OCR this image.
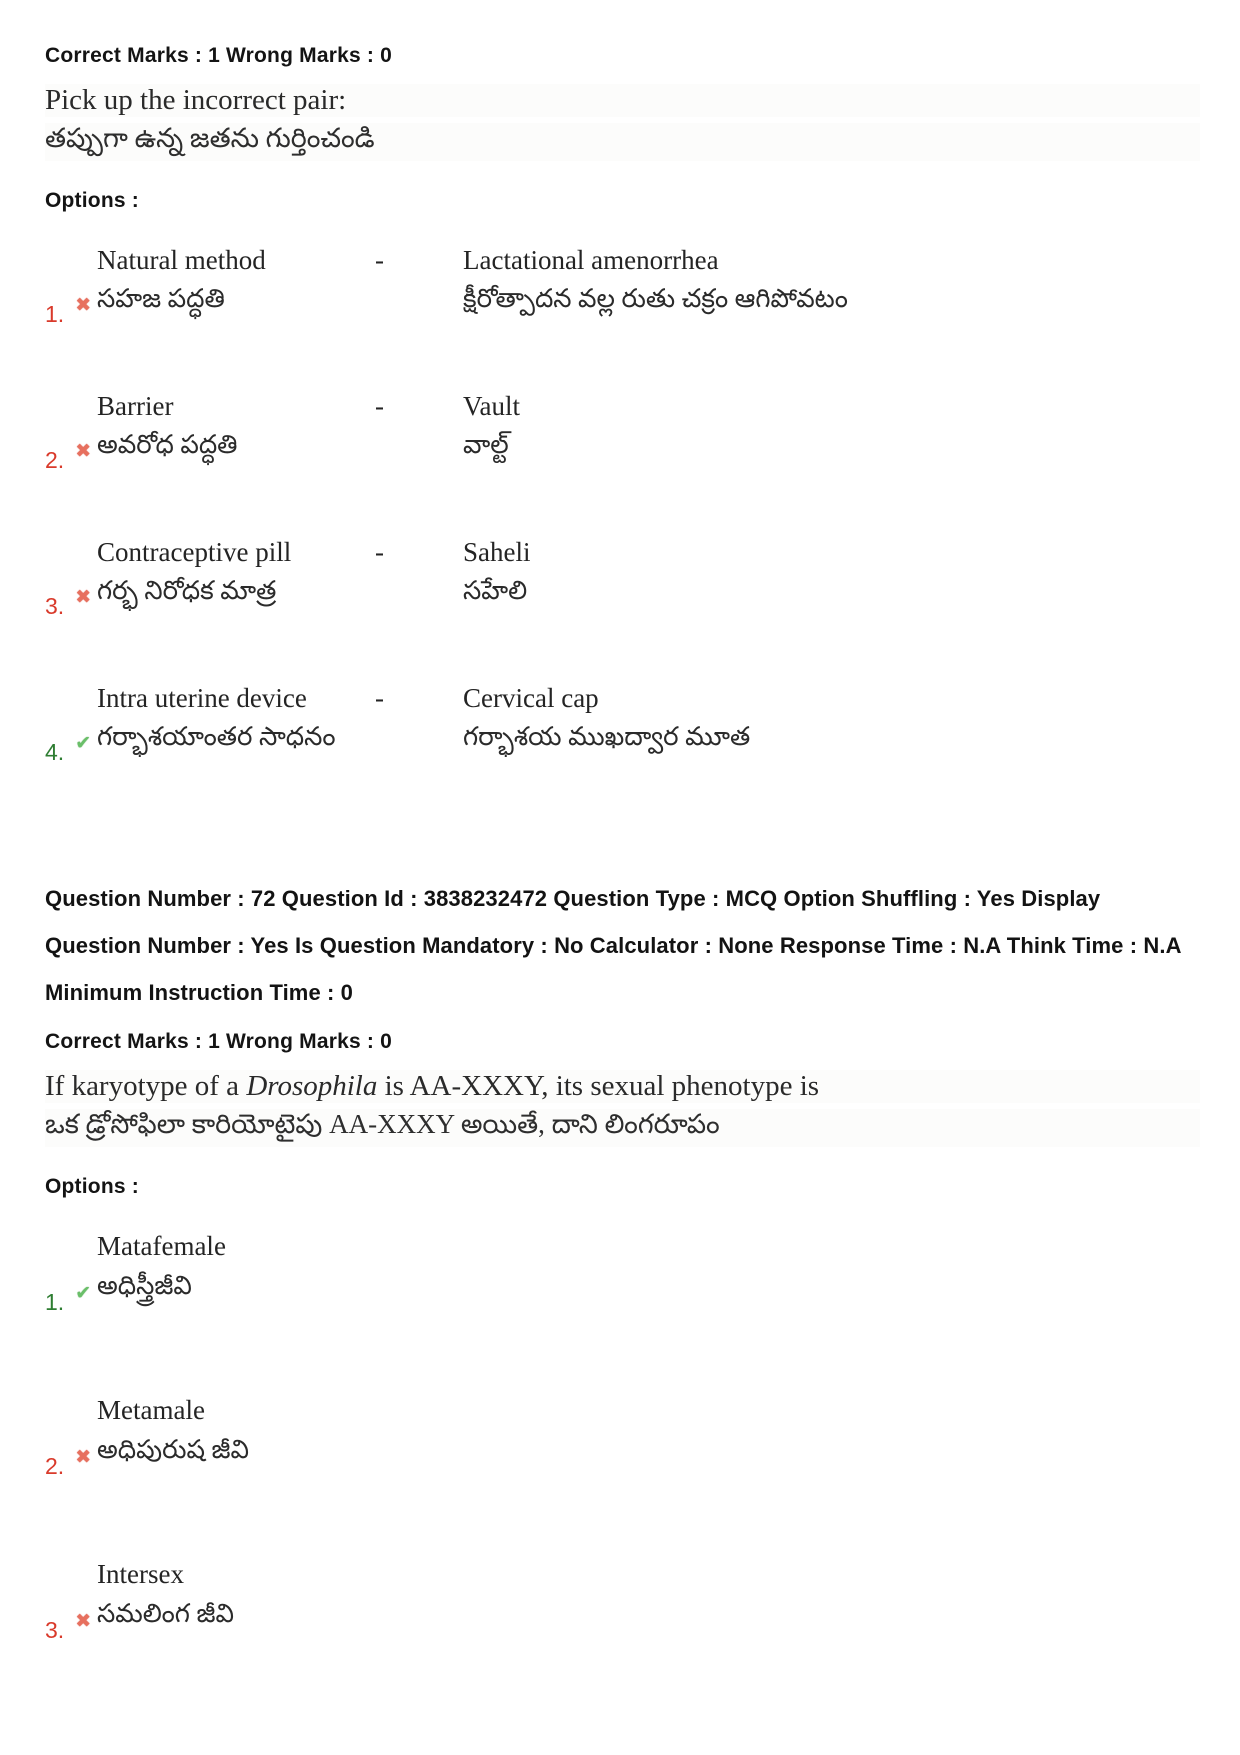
Correct Marks : 1 Wrong Marks : 0
Pick up the incorrect pair:
తప్పుగా ఉన్న జతను గుర్తించండి
Options :
Natural method	-	Lactational amenorrhea
1. ✖ సహజ పద్ధతి	క్షీరోత్పాదన వల్ల రుతు చక్రం ఆగిపోవటం
Barrier	-	Vault
2. ✖ అవరోధ పద్ధతి	వాల్ట్
Contraceptive pill	-	Saheli
3. ✖ గర్భ నిరోధక మాత్ర	సహేలి
Intra uterine device	-	Cervical cap
4. ✔ గర్భాశయాంతర సాధనం	గర్భాశయ ముఖద్వార మూత
Question Number : 72 Question Id : 3838232472 Question Type : MCQ Option Shuffling : Yes Display Question Number : Yes Is Question Mandatory : No Calculator : None Response Time : N.A Think Time : N.A Minimum Instruction Time : 0
Correct Marks : 1 Wrong Marks : 0
If karyotype of a Drosophila is AA-XXXY, its sexual phenotype is
ఒక డ్రోసోఫిలా కారియోటైపు AA-XXXY అయితే, దాని లింగరూపం
Options :
Matafemale
1. ✔ అధిస్త్రీజీవి
Metamale
2. ✖ అధిపురుష జీవి
Intersex
3. ✖ సమలింగ జీవి
